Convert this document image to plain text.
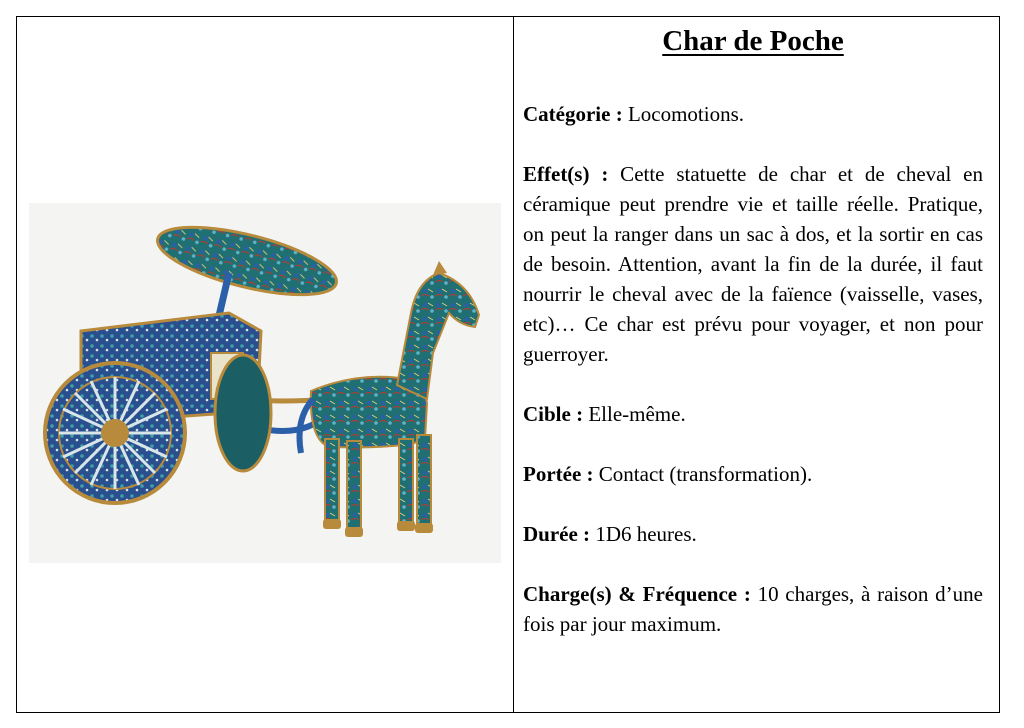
Char de Poche
Catégorie : Locomotions.
Effet(s) : Cette statuette de char et de cheval en céramique peut prendre vie et taille réelle. Pratique, on peut la ranger dans un sac à dos, et la sortir en cas de besoin. Attention, avant la fin de la durée, il faut nourrir le cheval avec de la faïence (vaisselle, vases, etc)… Ce char est prévu pour voyager, et non pour guerroyer.
Cible : Elle-même.
Portée : Contact (transformation).
Durée : 1D6 heures.
Charge(s) & Fréquence : 10 charges, à raison d’une fois par jour maximum.
